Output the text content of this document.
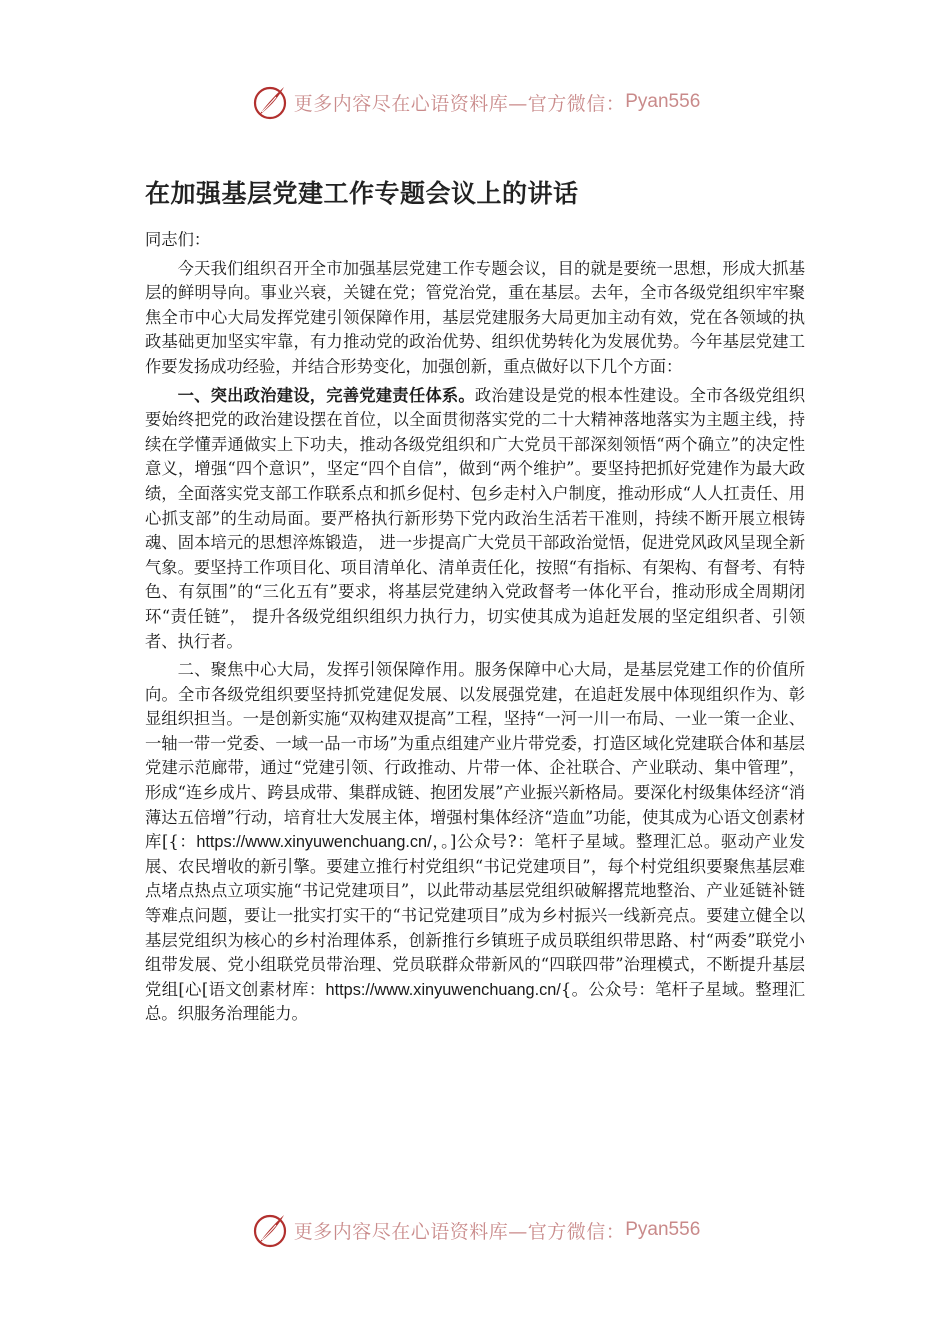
更多内容尽在心语资料库—官方微信： Pyan556
在加强基层党建工作专题会议上的讲话

同志们：

今天我们组织召开全市加强基层党建工作专题会议，目的就是要统一思想，形成大抓基层的鲜明导向。事业兴衰，关键在党；管党治党，重在基层。去年，全市各级党组织牢牢聚焦全市中心大局发挥党建引领保障作用，基层党建服务大局更加主动有效，党在各领域的执政基础更加坚实牢靠，有力推动党的政治优势、组织优势转化为发展优势。今年基层党建工作要发扬成功经验，并结合形势变化，加强创新，重点做好以下几个方面：

一、突出政治建设，完善党建责任体系。政治建设是党的根本性建设。全市各级党组织要始终把党的政治建设摆在首位，以全面贯彻落实党的二十大精神落地落实为主题主线，持续在学懂弄通做实上下功夫，推动各级党组织和广大党员干部深刻领悟“两个确立”的决定性意义，增强“四个意识”，坚定“四个自信”，做到“两个维护”。要坚持把抓好党建作为最大政绩，全面落实党支部工作联系点和抓乡促村、包乡走村入户制度，推动形成“人人扛责任、用心抓支部”的生动局面。要严格执行新形势下党内政治生活若干准则，持续不断开展立根铸魂、固本培元的思想淬炼锻造， 进一步提高广大党员干部政治觉悟，促进党风政风呈现全新气象。要坚持工作项目化、项目清单化、清单责任化，按照“有指标、有架构、有督考、有特色、有氛围”的“三化五有”要求，将基层党建纳入党政督考一体化平台，推动形成全周期闭环“责任链”， 提升各级党组织组织力执行力，切实使其成为追赶发展的坚定组织者、引领者、执行者。

二、聚焦中心大局，发挥引领保障作用。服务保障中心大局，是基层党建工作的价值所向。全市各级党组织要坚持抓党建促发展、以发展强党建，在追赶发展中体现组织作为、彰显组织担当。一是创新实施“双构建双提高”工程，坚持“一河一川一布局、一业一策一企业、一轴一带一党委、一域一品一市场”为重点组建产业片带党委，打造区域化党建联合体和基层党建示范廊带，通过“党建引领、行政推动、片带一体、企社联合、产业联动、集中管理”，形成“连乡成片、跨县成带、集群成链、抱团发展”产业振兴新格局。要深化村级集体经济“消薄达五倍增”行动，培育壮大发展主体，增强村集体经济“造血”功能，使其成为心语文创素材库[{：https://www.xinyuwenchuang.cn/，。]公众号?：笔杆子星域。整理汇总。驱动产业发展、农民增收的新引擎。要建立推行村党组织“书记党建项目”，每个村党组织要聚焦基层难点堵点热点立项实施“书记党建项目”，以此带动基层党组织破解撂荒地整治、产业延链补链等难点问题，要让一批实打实干的“书记党建项目”成为乡村振兴一线新亮点。要建立健全以基层党组织为核心的乡村治理体系，创新推行乡镇班子成员联组织带思路、村“两委”联党小组带发展、党小组联党员带治理、党员联群众带新风的“四联四带”治理模式，不断提升基层党组[心[语文创素材库：https://www.xinyuwenchuang.cn/{。公众号：笔杆子星域。整理汇总。织服务治理能力。

更多内容尽在心语资料库—官方微信： Pyan556
